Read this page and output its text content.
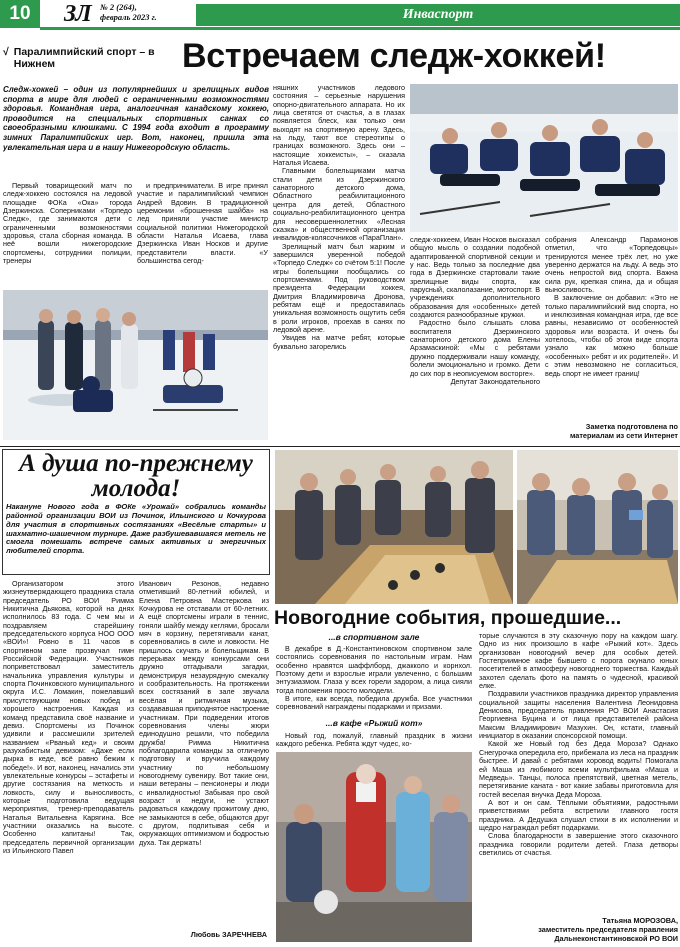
10	ЗЛ № 2 (264),
февраль 2023 г.	Инваспорт
√ Паралимпийский спорт – в Нижнем	Встречаем следж-хоккей!
Следж-хоккей – один из популярнейших и зрелищных видов спорта в мире для людей с ограниченными возможностями здоровья. Командная игра, аналогичная канадскому хоккею, проводится на специальных спортивных санках со своеобразными клюшками. С 1994 года входит в программу зимних Паралимпийских игр. Вот, наконец, пришла эта увлекательная игра и в нашу Нижегородскую область.

Первый товарищеский матч по следж-хоккею состоялся на ледовой площадке ФОКа «Ока» города Дзержинска. Соперниками «Торпедо Следж», где занимаются дети с ограниченными возможностями здоровья, стала сборная команда. В неё вошли нижегородские спортсмены, сотрудники полиции, тренеры

и предприниматели. В игре принял участие и паралимпийский чемпион Андрей Вдовин. В традиционной церемонии «брошенная шайба» на лед приняли участие министр социальной политики Нижегородской области Наталья Исаева, глава Дзержинска Иван Носков и другие представители власти. «У большинства сегод-

няшних участников ледового состояния – серьезные нарушения опорно-двигательного аппарата. Но их лица светятся от счастья, а в глазах появляется блеск, как только они выходят на спортивную арену. Здесь, на льду, тают все стереотипы о границах возможного. Здесь они – настоящие хоккеисты», – сказала Наталья Исаева.

Главными болельщиками матча стали дети из Дзержинского санаторного детского дома, Областного реабилитационного центра для детей, Областного социально-реабилитационного центра для несовершеннолетних «Лесная сказка» и общественной организации инвалидов-колясочников «ПараПлан».

Зрелищный матч был жарким и завершился уверенной победой «Торпедо Следж» со счётом 5:1! После игры болельщики пообщались со спортсменами. Под руководством президента Федерации хоккея, Дмитрия Владимировича Дронова, ребятам ещё и предоставилась уникальная возможность ощутить себя в роли игроков, проехав в санях по ледовой арене.

Увидев на матче ребят, которые буквально загорелись

следж-хоккеем, Иван Носков высказал общую мысль о создании подобной адаптированной спортивной секции и у нас. Ведь только за последние два года в Дзержинске стартовали такие зрелищные виды спорта, как парусный, скалолазание, мотоспорт. В учреждениях дополнительного образования для «особенных» детей создаются разнообразные кружки.

Радостно было слышать слова воспитателя Дзержинского санаторного детского дома Елены Арзамаскиной: «Мы с ребятами дружно поддерживали нашу команду, болели эмоционально и громко. Дети до сих пор в неописуемом восторге».

Депутат Законодательного

собрания Александр Парамонов отметил, что «Торпедовцы» тренируются менее трёх лет, но уже уверенно держатся на льду. А ведь это очень непростой вид спорта. Важна сила рук, крепкая спина, да и общая выносливость.

В заключение он добавил: «Это не только паралимпийский вид спорта, но и инклюзивная командная игра, где все равны, независимо от особенностей здоровья или возраста. И очень бы хотелось, чтобы об этом виде спорта узнало как можно больше «особенных» ребят и их родителей». И с этим невозможно не согласиться, ведь спорт не имеет границ!

Заметка подготовлена по материалам из сети Интернет
А душа по-прежнему
молода!
Накануне Нового года в ФОКе «Урожай» собрались команды районной организации ВОИ из Починок, Ильинского и Кочкурова для участия в спортивных состязаниях «Весёлые старты» и шахматно-шашечном турнире. Даже разбушевавшаяся метель не смогла помешать встрече самых активных и энергичных любителей спорта.

Организатором этого жизнеутверждающего праздника стала председатель РО ВОИ Римма Никитична Дьякова, которой на днях исполнилось 83 года. С чем мы и поздравляем старейшину председательского корпуса НОО ООО «ВОИ»! Ровно в 11 часов в спортивном зале прозвучал гимн Российской Федерации. Участников поприветствовал заместитель начальника управления культуры и спорта Починковского муниципального округа И.С. Ломакин, пожелавший присутствующим новых побед и хорошего настроения. Каждая из команд представила своё название и девиз. Спортсмены из Починок удивили и рассмешили зрителей названием «Рваный кед» и своим разухабистым девизом: «Даже если дырка в кеде, всё равно бежим к победе!». И вот, наконец, начались эти увлекательные конкурсы – эстафеты и другие состязания на меткость и ловкость, силу и выносливость, которые подготовила ведущая мероприятия, тренер-преподаватель Наталья Витальевна Карягина. Все участники оказались на высоте. Особенно капитаны! Так, председатель первичной организации из Ильинского Павел

Иванович Резонов, недавно отметивший 80-летний юбилей, и Елена Петровна Мастеркова из Кочкурова не отставали от 60-летних. А ещё спортсмены играли в теннис, гоняли шайбу между кеглями, бросали мяч в корзину, перетягивали канат, соревновались в силе и ловкости. Не пришлось скучать и болельщикам. В перерывах между конкурсами они дружно отгадывали загадки, демонстрируя незаурядную смекалку и сообразительность. На протяжении всех состязаний в зале звучала весёлая и ритмичная музыка, создававшая приподнятое настроение участникам. При подведении итогов соревнования члены жюри единодушно решили, что победила дружба! Римма Никитична поблагодарила команды за отличную подготовку и вручила каждому участнику по небольшому новогоднему сувениру. Вот такие они, наши ветераны – пенсионеры и люди с инвалидностью! Забывая про свой возраст и недуги, не устают радоваться каждому прожитому дню, не замыкаются в себе, общаются друг с другом, подпитывая себя и окружающих оптимизмом и бодростью духа. Так держать!

Любовь ЗАРЕЧНЕВА
Новогодние события, прошедшие...
...в спортивном зале

В декабре в Д.-Константиновском спортивном зале состоялись соревнования по настольным играм. Нам особенно нравятся шаффлборд, джакколо и корнхол. Поэтому дети и взрослые играли увлеченно, с большим энтузиазмом. Глаза у всех горели задором, а лица сияли тогда положения просто молодели.

В итоге, как всегда, победила дружба. Все участники соревнований награждены подарками и призами.

...в кафе «Рыжий кот»

Новый год, пожалуй, главный праздник в жизни каждого ребенка. Ребята ждут чудес, ко-

торые случаются в эту сказочную пору на каждом шагу. Одно из них произошло в кафе «Рыжий кот». Здесь организован новогодний вечер для особых детей. Гостеприимное кафе бывшего с порога окунало юных посетителей в атмосферу новогоднего торжества. Каждый захотел сделать фото на память о чудесной, красивой елке.

Поздравили участников праздника директор управления социальной защиты населения Валентина Леонидовна Денисова, председатель правления РО ВОИ Анастасия Георгиевна Буцина и от лица представителей района Максим Владимирович Мазухин. Он, кстати, главный инициатор в оказании спонсорской помощи.

Какой же Новый год без Деда Мороза? Однако Снегурочка опередила его, прибежала из леса на праздник быстрее. И давай с ребятами хоровод водить! Помогала ей Маша из любимого всеми мультфильма «Маша и Медведь». Танцы, полоса препятствий, цветная метель, перетягивание каната - вот какие забавы приготовила для гостей веселая внучка Деда Мороза.

А вот и он сам. Тёплыми объятиями, радостными приветствиями ребята встретили главного гостя праздника. А Дедушка слушал стихи в их исполнении и щедро награждал ребят подарками.

Слова благодарности в завершение этого сказочного праздника говорили родители детей. Глаза детворы светились от счастья.

Татьяна МОРОЗОВА,
заместитель председателя правления
Дальнеконстантиновской РО ВОИ
